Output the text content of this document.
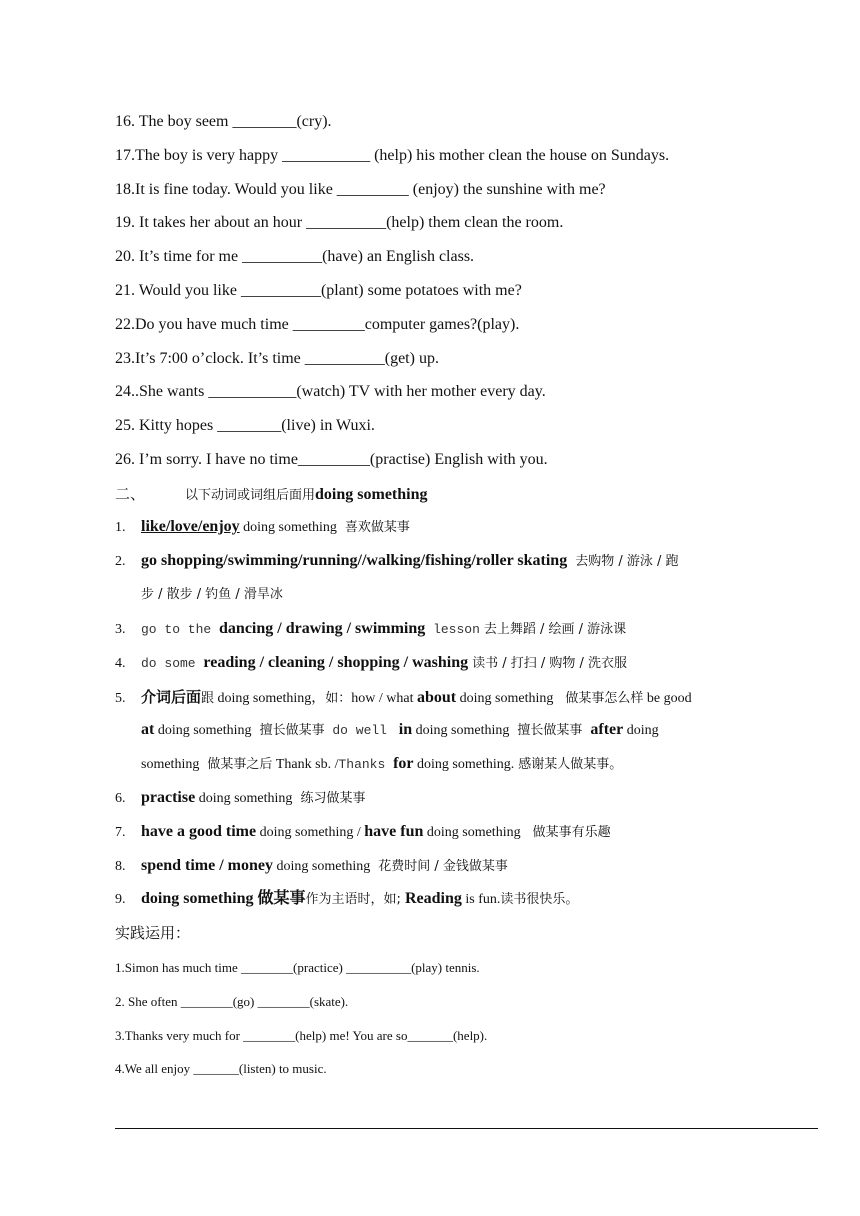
16. The boy seem ________(cry).
17.The boy is very happy ___________ (help) his mother clean the house on Sundays.
18.It is fine today. Would you like _________ (enjoy) the sunshine with me?
19. It takes her about an hour __________(help) them clean the room.
20. It’s time for me __________(have) an English class.
21. Would you like __________(plant) some potatoes with me?
22.Do you have much time _________computer games?(play).
23.It’s 7:00 o’clock. It’s time __________(get) up.
24..She wants ___________(watch) TV with her mother every day.
25. Kitty hopes ________(live) in Wuxi.
26. I’m sorry. I have no time_________(practise) English with you.
二、	以下动词或词组后面用doing something
1. like/love/enjoy doing something 喜欢做某事
2. go shopping/swimming/running//walking/fishing/roller skating 去购物 / 游泳 / 跑
步 / 散步 / 钓鱼 / 滑旱冰
3. go to the dancing / drawing / swimming lesson 去上舞蹈 / 绘画 / 游泳课
4. do some reading / cleaning / shopping / washing 读书 / 打扫 / 购物 / 洗衣服
5. 介词后面跟 doing something，如：how / what about doing something 做某事怎么样 be good
at doing something 擅长做某事 do well  in doing something 擅长做某事 after doing
something 做某事之后 Thank sb. /Thanks for doing something. 感谢某人做某事。
6. practise doing something 练习做某事
7. have a good time doing something / have fun doing something 做某事有乐趣
8. spend time / money doing something 花费时间 / 金钱做某事
9. doing something 做某事作为主语时，如; Reading is fun.读书很快乐。
实践运用：
1.Simon has much time ________(practice) __________(play) tennis.
2. She often ________(go) ________(skate).
3.Thanks very much for ________(help) me! You are so_______(help).
4.We all enjoy _______(listen) to music.
